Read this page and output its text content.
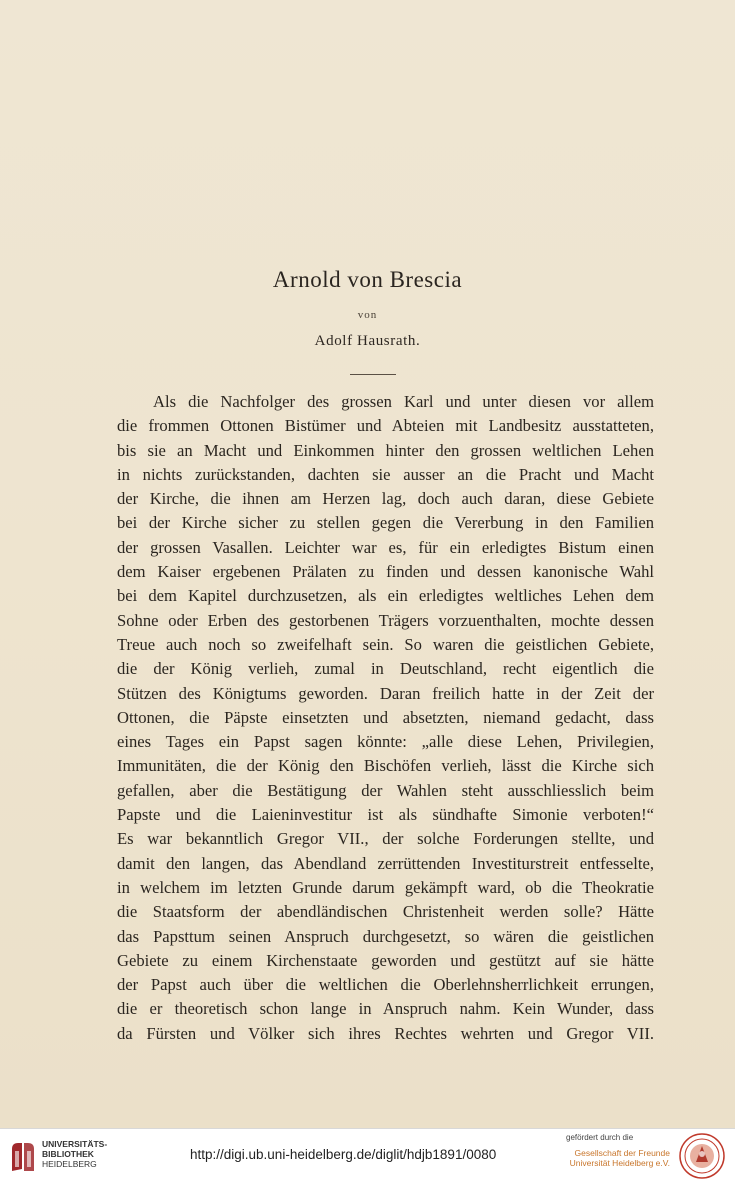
Arnold von Brescia
von
Adolf Hausrath.
Als die Nachfolger des grossen Karl und unter diesen vor allem
die frommen Ottonen Bistümer und Abteien mit Landbesitz ausstatteten,
bis sie an Macht und Einkommen hinter den grossen weltlichen Lehen
in nichts zurückstanden, dachten sie ausser an die Pracht und Macht
der Kirche, die ihnen am Herzen lag, doch auch daran, diese Gebiete
bei der Kirche sicher zu stellen gegen die Vererbung in den Familien
der grossen Vasallen. Leichter war es, für ein erledigtes Bistum einen
dem Kaiser ergebenen Prälaten zu finden und dessen kanonische Wahl
bei dem Kapitel durchzusetzen, als ein erledigtes weltliches Lehen dem
Sohne oder Erben des gestorbenen Trägers vorzuenthalten, mochte dessen
Treue auch noch so zweifelhaft sein. So waren die geistlichen Gebiete,
die der König verlieh, zumal in Deutschland, recht eigentlich die
Stützen des Königtums geworden. Daran freilich hatte in der Zeit der
Ottonen, die Päpste einsetzten und absetzten, niemand gedacht, dass
eines Tages ein Papst sagen könnte: „alle diese Lehen, Privilegien,
Immunitäten, die der König den Bischöfen verlieh, lässt die Kirche sich
gefallen, aber die Bestätigung der Wahlen steht ausschliesslich beim
Papste und die Laieninvestitur ist als sündhafte Simonie verboten!“
Es war bekanntlich Gregor VII., der solche Forderungen stellte, und
damit den langen, das Abendland zerrüttenden Investiturstreit entfesselte,
in welchem im letzten Grunde darum gekämpft ward, ob die Theokratie
die Staatsform der abendländischen Christenheit werden solle? Hätte
das Papsttum seinen Anspruch durchgesetzt, so wären die geistlichen
Gebiete zu einem Kirchenstaate geworden und gestützt auf sie hätte
der Papst auch über die weltlichen die Oberlehnsherrlichkeit errungen,
die er theoretisch schon lange in Anspruch nahm. Kein Wunder, dass
da Fürsten und Völker sich ihres Rechtes wehrten und Gregor VII.
UNIVERSITÄTS-
BIBLIOTHEK
HEIDELBERG
http://digi.ub.uni-heidelberg.de/diglit/hdjb1891/0080
gefördert durch die
Gesellschaft der Freunde
Universität Heidelberg e.V.
